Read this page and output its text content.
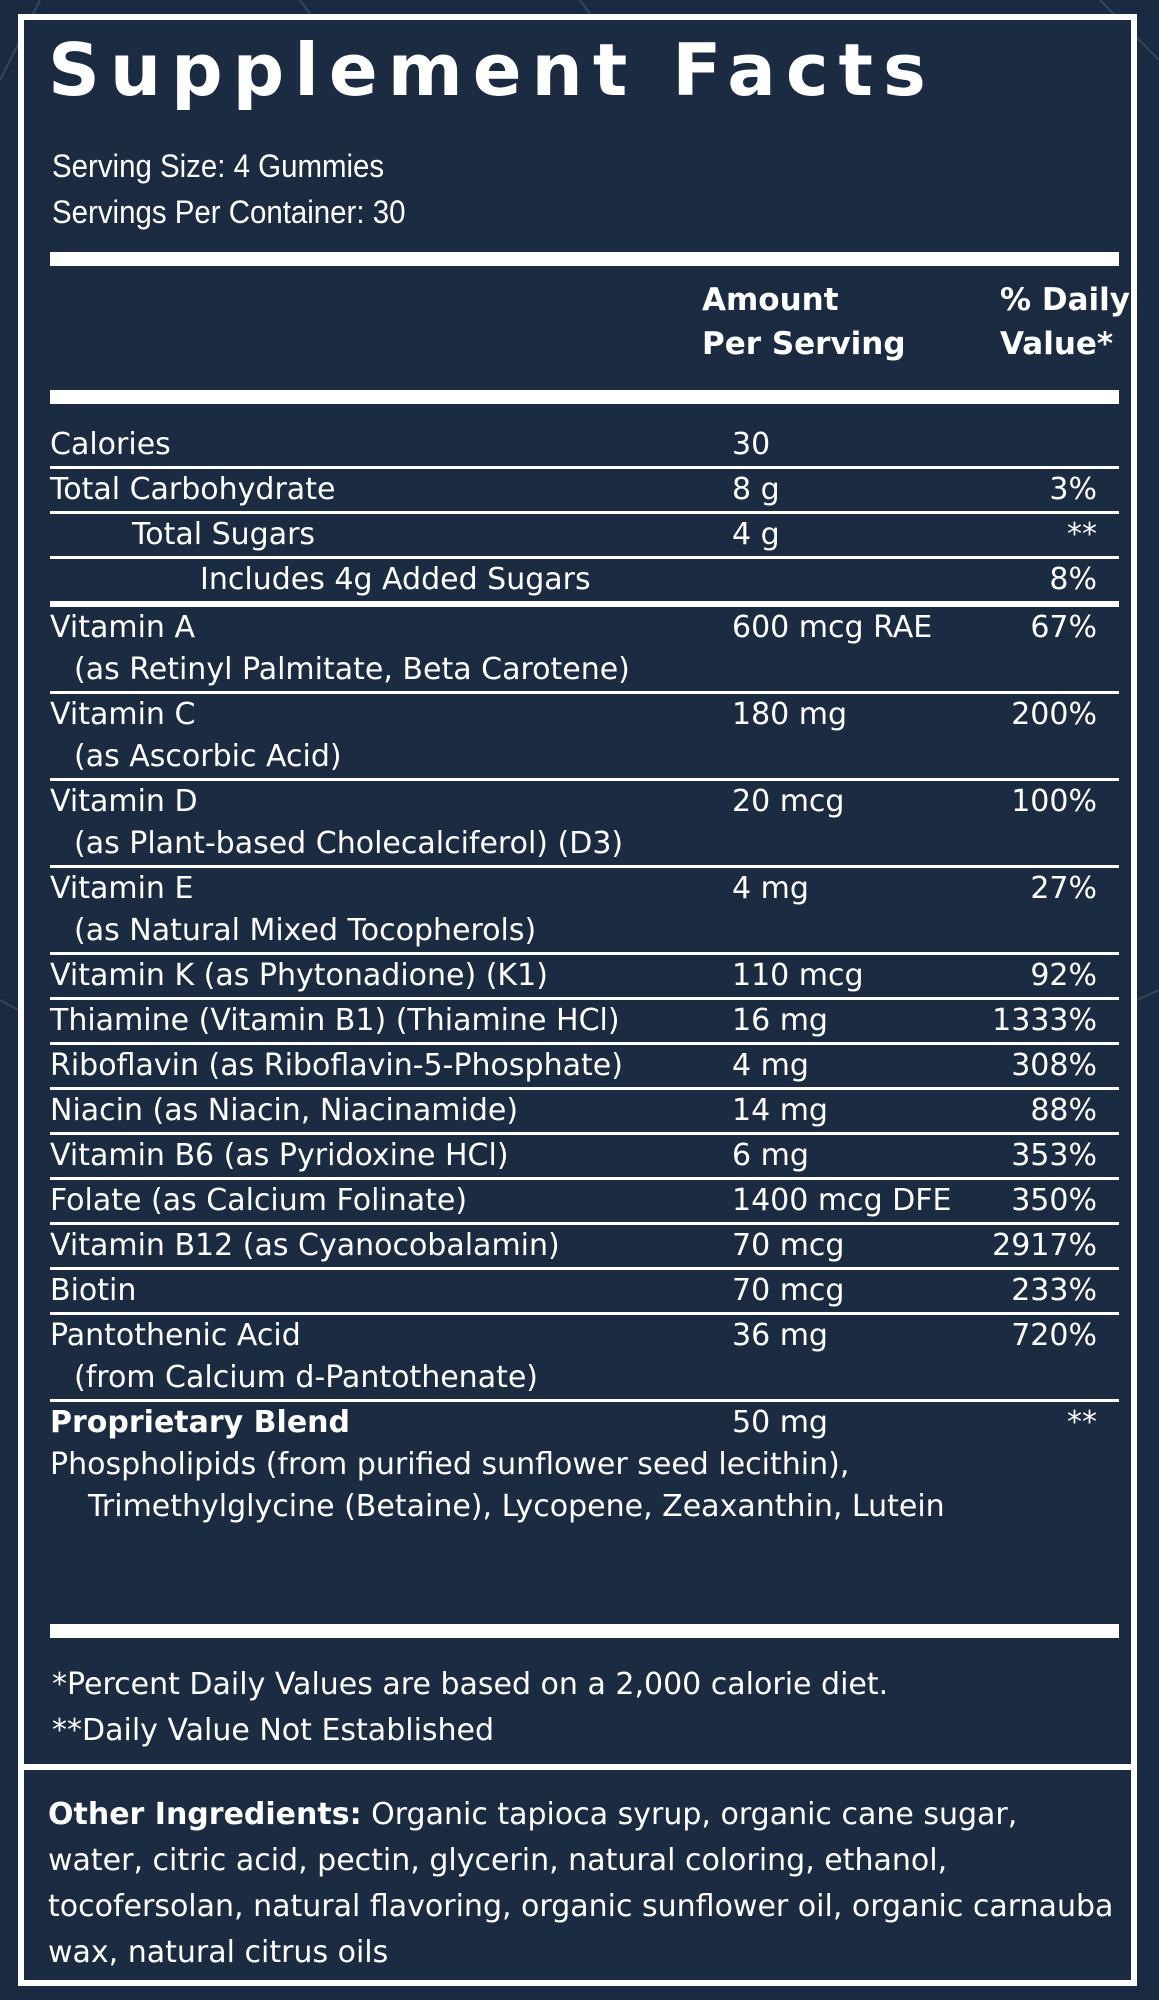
Supplement Facts
Serving Size: 4 Gummies
Servings Per Container: 30
Amount
Per Serving
% Daily
Value*
Calories	30
Total Carbohydrate	8 g	3%
Total Sugars	4 g	**
Includes 4g Added Sugars	8%
Vitamin A
(as Retinyl Palmitate, Beta Carotene)
600 mcg RAE	67%
Vitamin C
(as Ascorbic Acid)
180 mg	200%
Vitamin D
(as Plant-based Cholecalciferol) (D3)
20 mcg	100%
Vitamin E
(as Natural Mixed Tocopherols)
4 mg	27%
Vitamin K (as Phytonadione) (K1)	110 mcg	92%
Thiamine (Vitamin B1) (Thiamine HCl)	16 mg	1333%
Riboflavin (as Riboflavin-5-Phosphate)	4 mg	308%
Niacin (as Niacin, Niacinamide)	14 mg	88%
Vitamin B6 (as Pyridoxine HCl)	6 mg	353%
Folate (as Calcium Folinate)	1400 mcg DFE 350%
Vitamin B12 (as Cyanocobalamin)	70 mcg	2917%
Biotin	70 mcg	233%
Pantothenic Acid
(from Calcium d-Pantothenate)
36 mg	720%
Proprietary Blend	50 mg	**
Phospholipids (from purified sunflower seed lecithin),
Trimethylglycine (Betaine), Lycopene, Zeaxanthin, Lutein
*Percent Daily Values are based on a 2,000 calorie diet.
**Daily Value Not Established
Other Ingredients: Organic tapioca syrup, organic cane sugar, water, citric acid, pectin, glycerin, natural coloring, ethanol, tocofersolan, natural flavoring, organic sunflower oil, organic carnauba wax, natural citrus oils
